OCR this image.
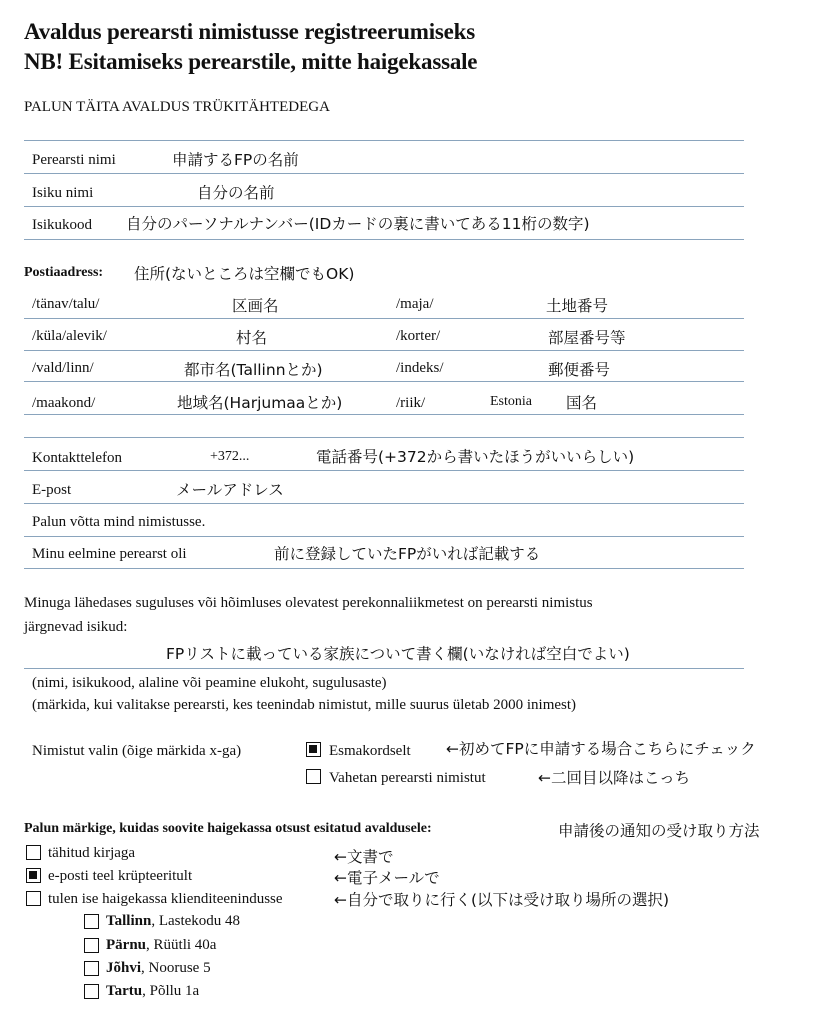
Avaldus perearsti nimistusse registreerumiseks
NB! Esitamiseks perearstile, mitte haigekassale
PALUN TÄITA AVALDUS TRÜKITÄHTEDEGA
Perearsti nimi	申請するFPの名前
Isiku nimi	自分の名前
Isikukood 自分のパーソナルナンバー(IDカードの裏に書いてある11桁の数字)
Postiaadress: 住所(ないところは空欄でもOK)
/tänav/talu/	区画名	/maja/	土地番号
/küla/alevik/	村名	/korter/	部屋番号等
/vald/linn/	都市名(Tallinnとか)	/indeks/	郵便番号
/maakond/	地域名(Harjumaaとか)	/riik/	Estonia 国名
Kontakttelefon	+372...	電話番号(+372から書いたほうがいいらしい)
E-post	メールアドレス
Palun võtta mind nimistusse.
Minu eelmine perearst oli	前に登録していたFPがいれば記載する
Minuga lähedases suguluses või hõimluses olevatest perekonnaliikmetest on perearsti nimistus
järgnevad isikud:
FPリストに載っている家族について書く欄(いなければ空白でよい)
(nimi, isikukood, alaline või peamine elukoht, sugulusaste)
(märkida, kui valitakse perearsti, kes teenindab nimistut, mille suurus ületab 2000 inimest)
Nimistut valin (õige märkida x-ga)	Esmakordselt ←初めてFPに申請する場合こちらにチェック
Vahetan perearsti nimistut	←二回目以降はこっち
Palun märkige, kuidas soovite haigekassa otsust esitatud avaldusele:	申請後の通知の受け取り方法
tähitud kirjaga	←文書で
e-posti teel krüpteeritult	←電子メールで
tulen ise haigekassa klienditeenindusse	←自分で取りに行く(以下は受け取り場所の選択)
Tallinn, Lastekodu 48
Pärnu, Rüütli 40a
Jõhvi, Nooruse 5
Tartu, Põllu 1a
